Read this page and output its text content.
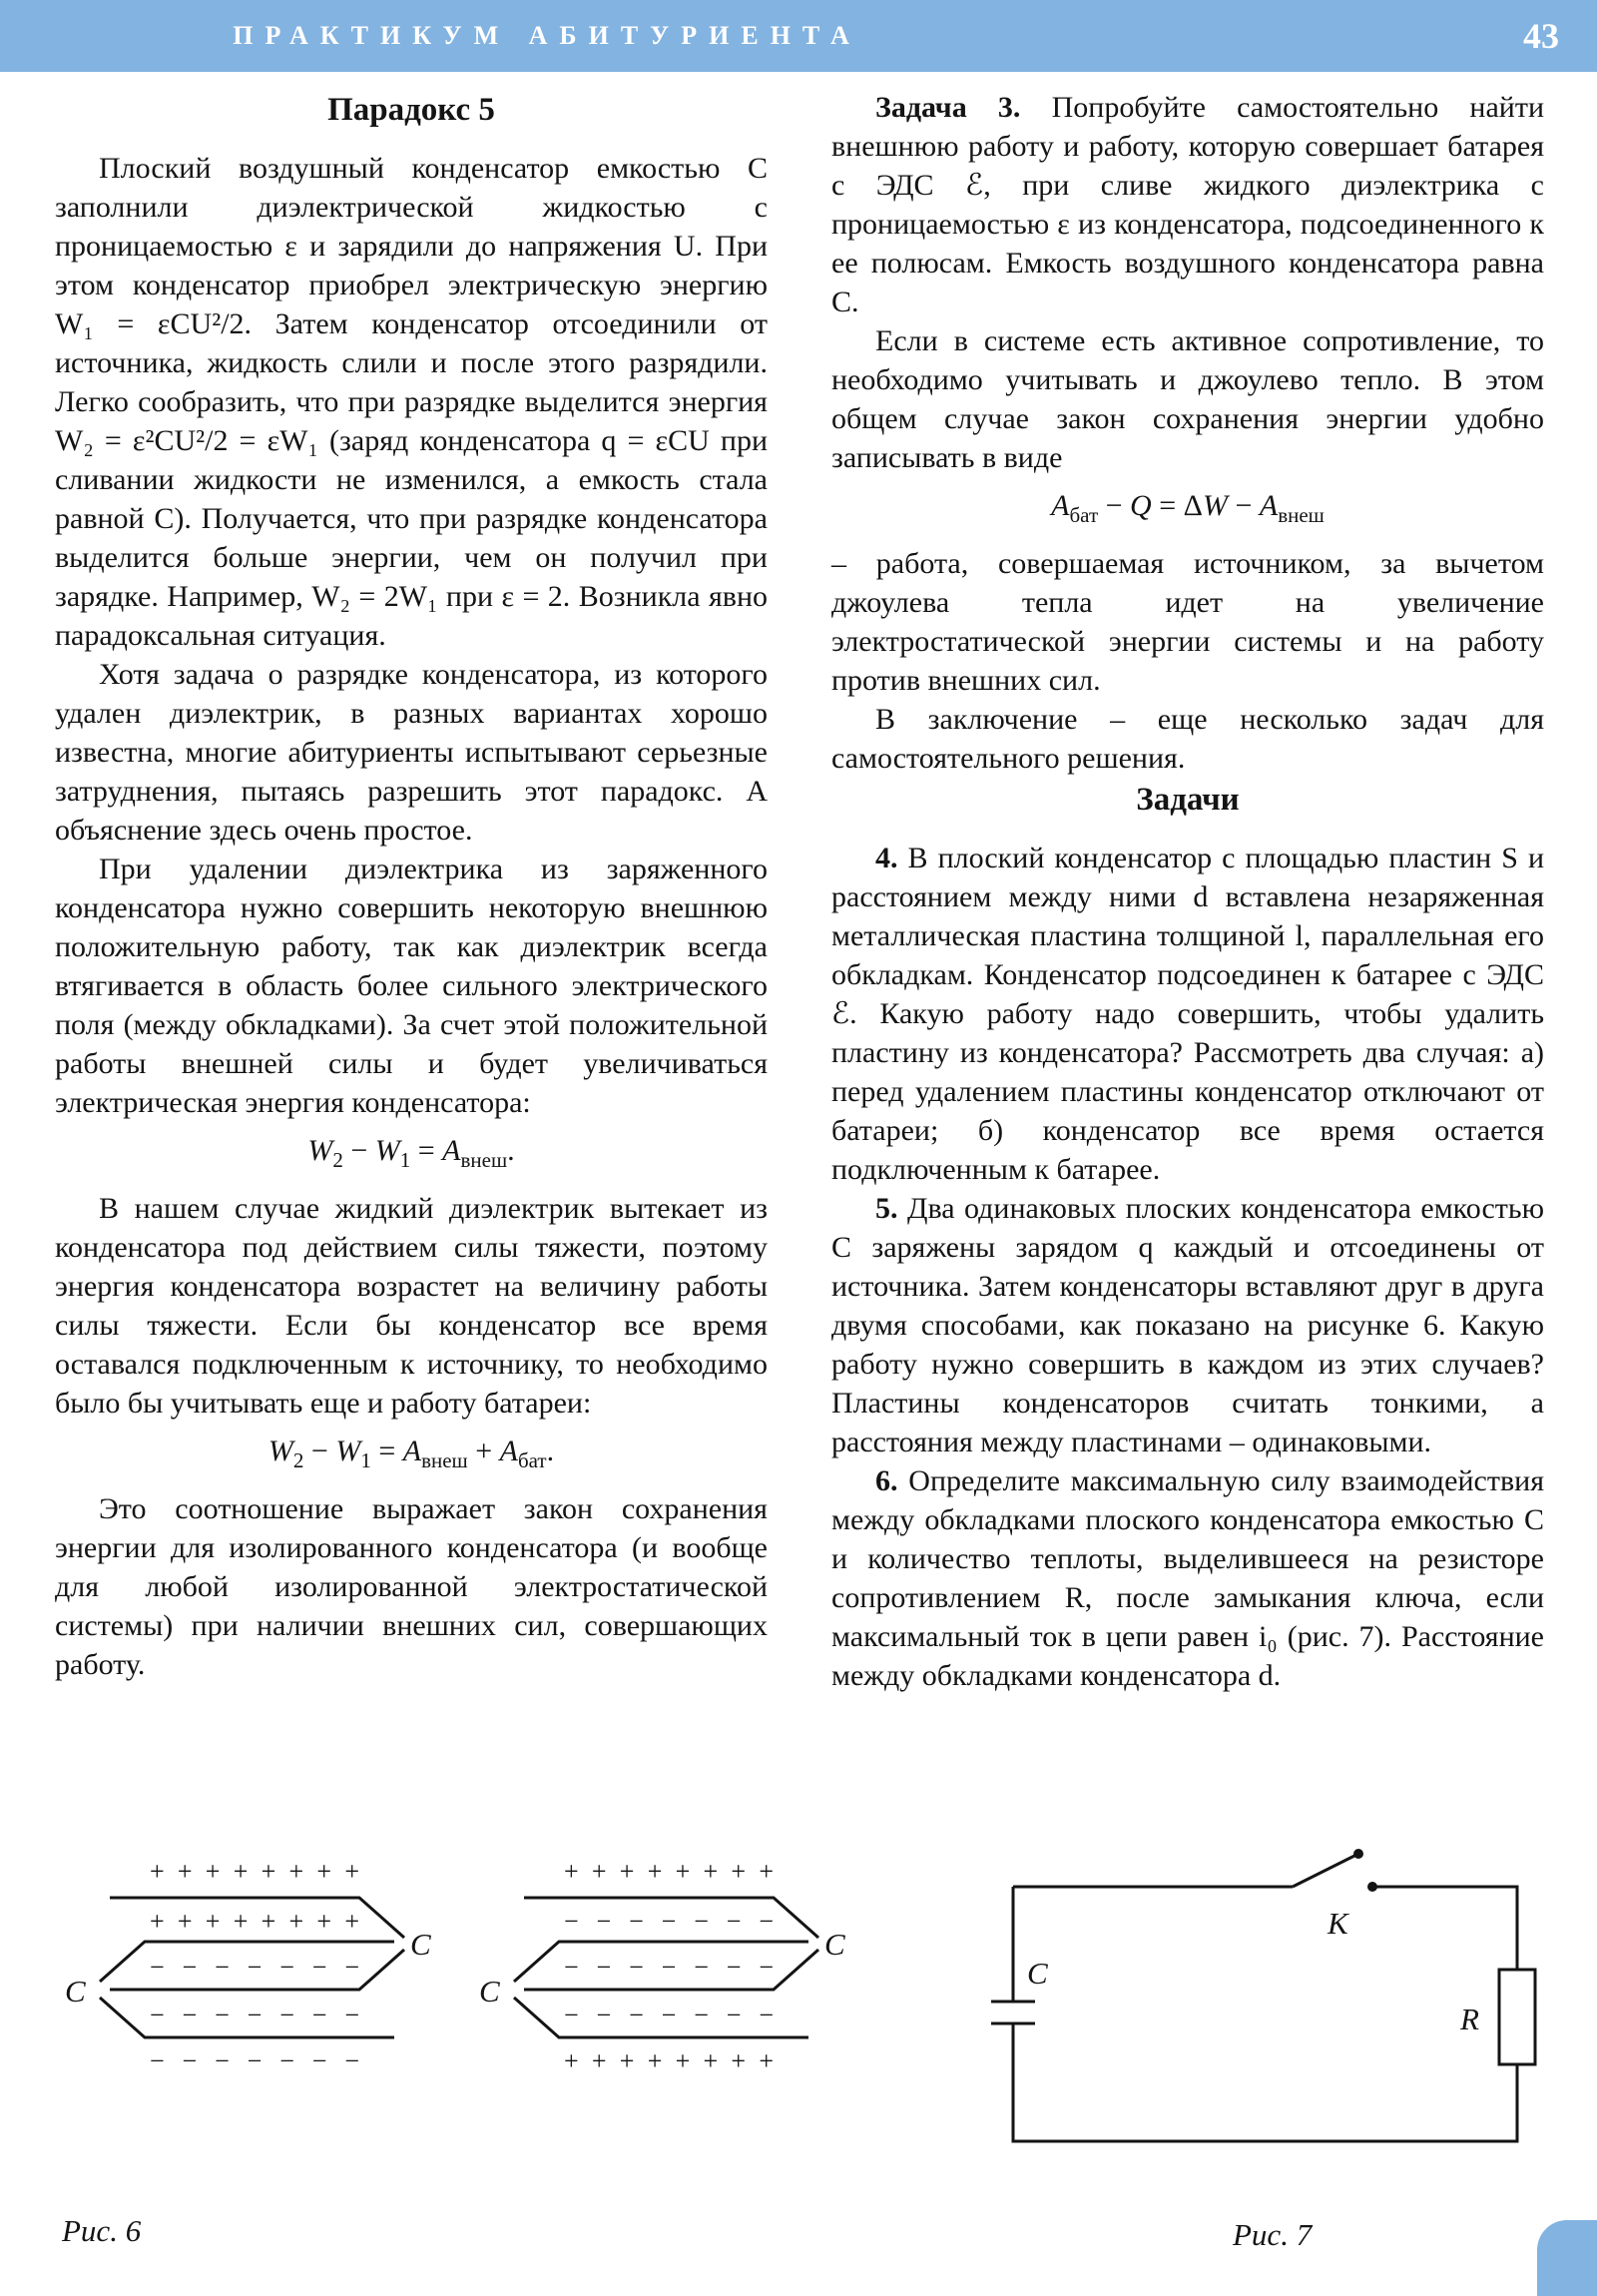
ПРАКТИКУМ АБИТУРИЕНТА	43
Парадокс 5

Плоский воздушный конденсатор емкостью C заполнили диэлектрической жидкостью с проницаемостью ε и зарядили до напряжения U. При этом конденсатор приобрел электрическую энергию W₁ = εCU²/2. Затем конденсатор отсоединили от источника, жидкость слили и после этого разрядили. Легко сообразить, что при разрядке выделится энергия W₂ = ε²CU²/2 = εW₁ (заряд конденсатора q = εCU при сливании жидкости не изменился, а емкость стала равной C). Получается, что при разрядке конденсатора выделится больше энергии, чем он получил при зарядке. Например, W₂ = 2W₁ при ε = 2. Возникла явно парадоксальная ситуация.

Хотя задача о разрядке конденсатора, из которого удален диэлектрик, в разных вариантах хорошо известна, многие абитуриенты испытывают серьезные затруднения, пытаясь разрешить этот парадокс. А объяснение здесь очень простое.

При удалении диэлектрика из заряженного конденсатора нужно совершить некоторую внешнюю положительную работу, так как диэлектрик всегда втягивается в область более сильного электрического поля (между обкладками). За счет этой положительной работы внешней силы и будет увеличиваться электрическая энергия конденсатора:

$W_2 - W_1 = A_{внеш}$.

В нашем случае жидкий диэлектрик вытекает из конденсатора под действием силы тяжести, поэтому энергия конденсатора возрастет на величину работы силы тяжести. Если бы конденсатор все время оставался подключенным к источнику, то необходимо было бы учитывать еще и работу батареи:

$W_2 - W_1 = A_{внеш} + A_{бат}$.

Это соотношение выражает закон сохранения энергии для изолированного конденсатора (и вообще для любой изолированной электростатической системы) при наличии внешних сил, совершающих работу.

Задача 3. Попробуйте самостоятельно найти внешнюю работу и работу, которую совершает батарея с ЭДС ℰ, при сливе жидкого диэлектрика с проницаемостью ε из конденсатора, подсоединенного к ее полюсам. Емкость воздушного конденсатора равна C.

Если в системе есть активное сопротивление, то необходимо учитывать и джоулево тепло. В этом общем случае закон сохранения энергии удобно записывать в виде

$A_{бат} - Q = \Delta W - A_{внеш}$

– работа, совершаемая источником, за вычетом джоулева тепла идет на увеличение электростатической энергии системы и на работу против внешних сил.

В заключение – еще несколько задач для самостоятельного решения.

Задачи

4. В плоский конденсатор с площадью пластин S и расстоянием между ними d вставлена незаряженная металлическая пластина толщиной l, параллельная его обкладкам. Конденсатор подсоединен к батарее с ЭДС ℰ. Какую работу надо совершить, чтобы удалить пластину из конденсатора? Рассмотреть два случая: а) перед удалением пластины конденсатор отключают от батареи; б) конденсатор все время остается подключенным к батарее.

5. Два одинаковых плоских конденсатора емкостью C заряжены зарядом q каждый и отсоединены от источника. Затем конденсаторы вставляют друг в друга двумя способами, как показано на рисунке 6. Какую работу нужно совершить в каждом из этих случаев? Пластины конденсаторов считать тонкими, а расстояния между пластинами – одинаковыми.

6. Определите максимальную силу взаимодействия между обкладками плоского конденсатора емкостью C и количество теплоты, выделившееся на резисторе сопротивлением R, после замыкания ключа, если максимальный ток в цепи равен i₀ (рис. 7). Расстояние между обкладками конденсатора d.

+ + + + + + + +
+ + + + + + + +
− − − − − − −
− − − − − − −
− − − − − − −
C
C
+ + + + + + + +
− − − − − − −
− − − − − − −
− − − − − − −
+ + + + + + + +
C
C
K
C
R
Рис. 6	Рис. 7
